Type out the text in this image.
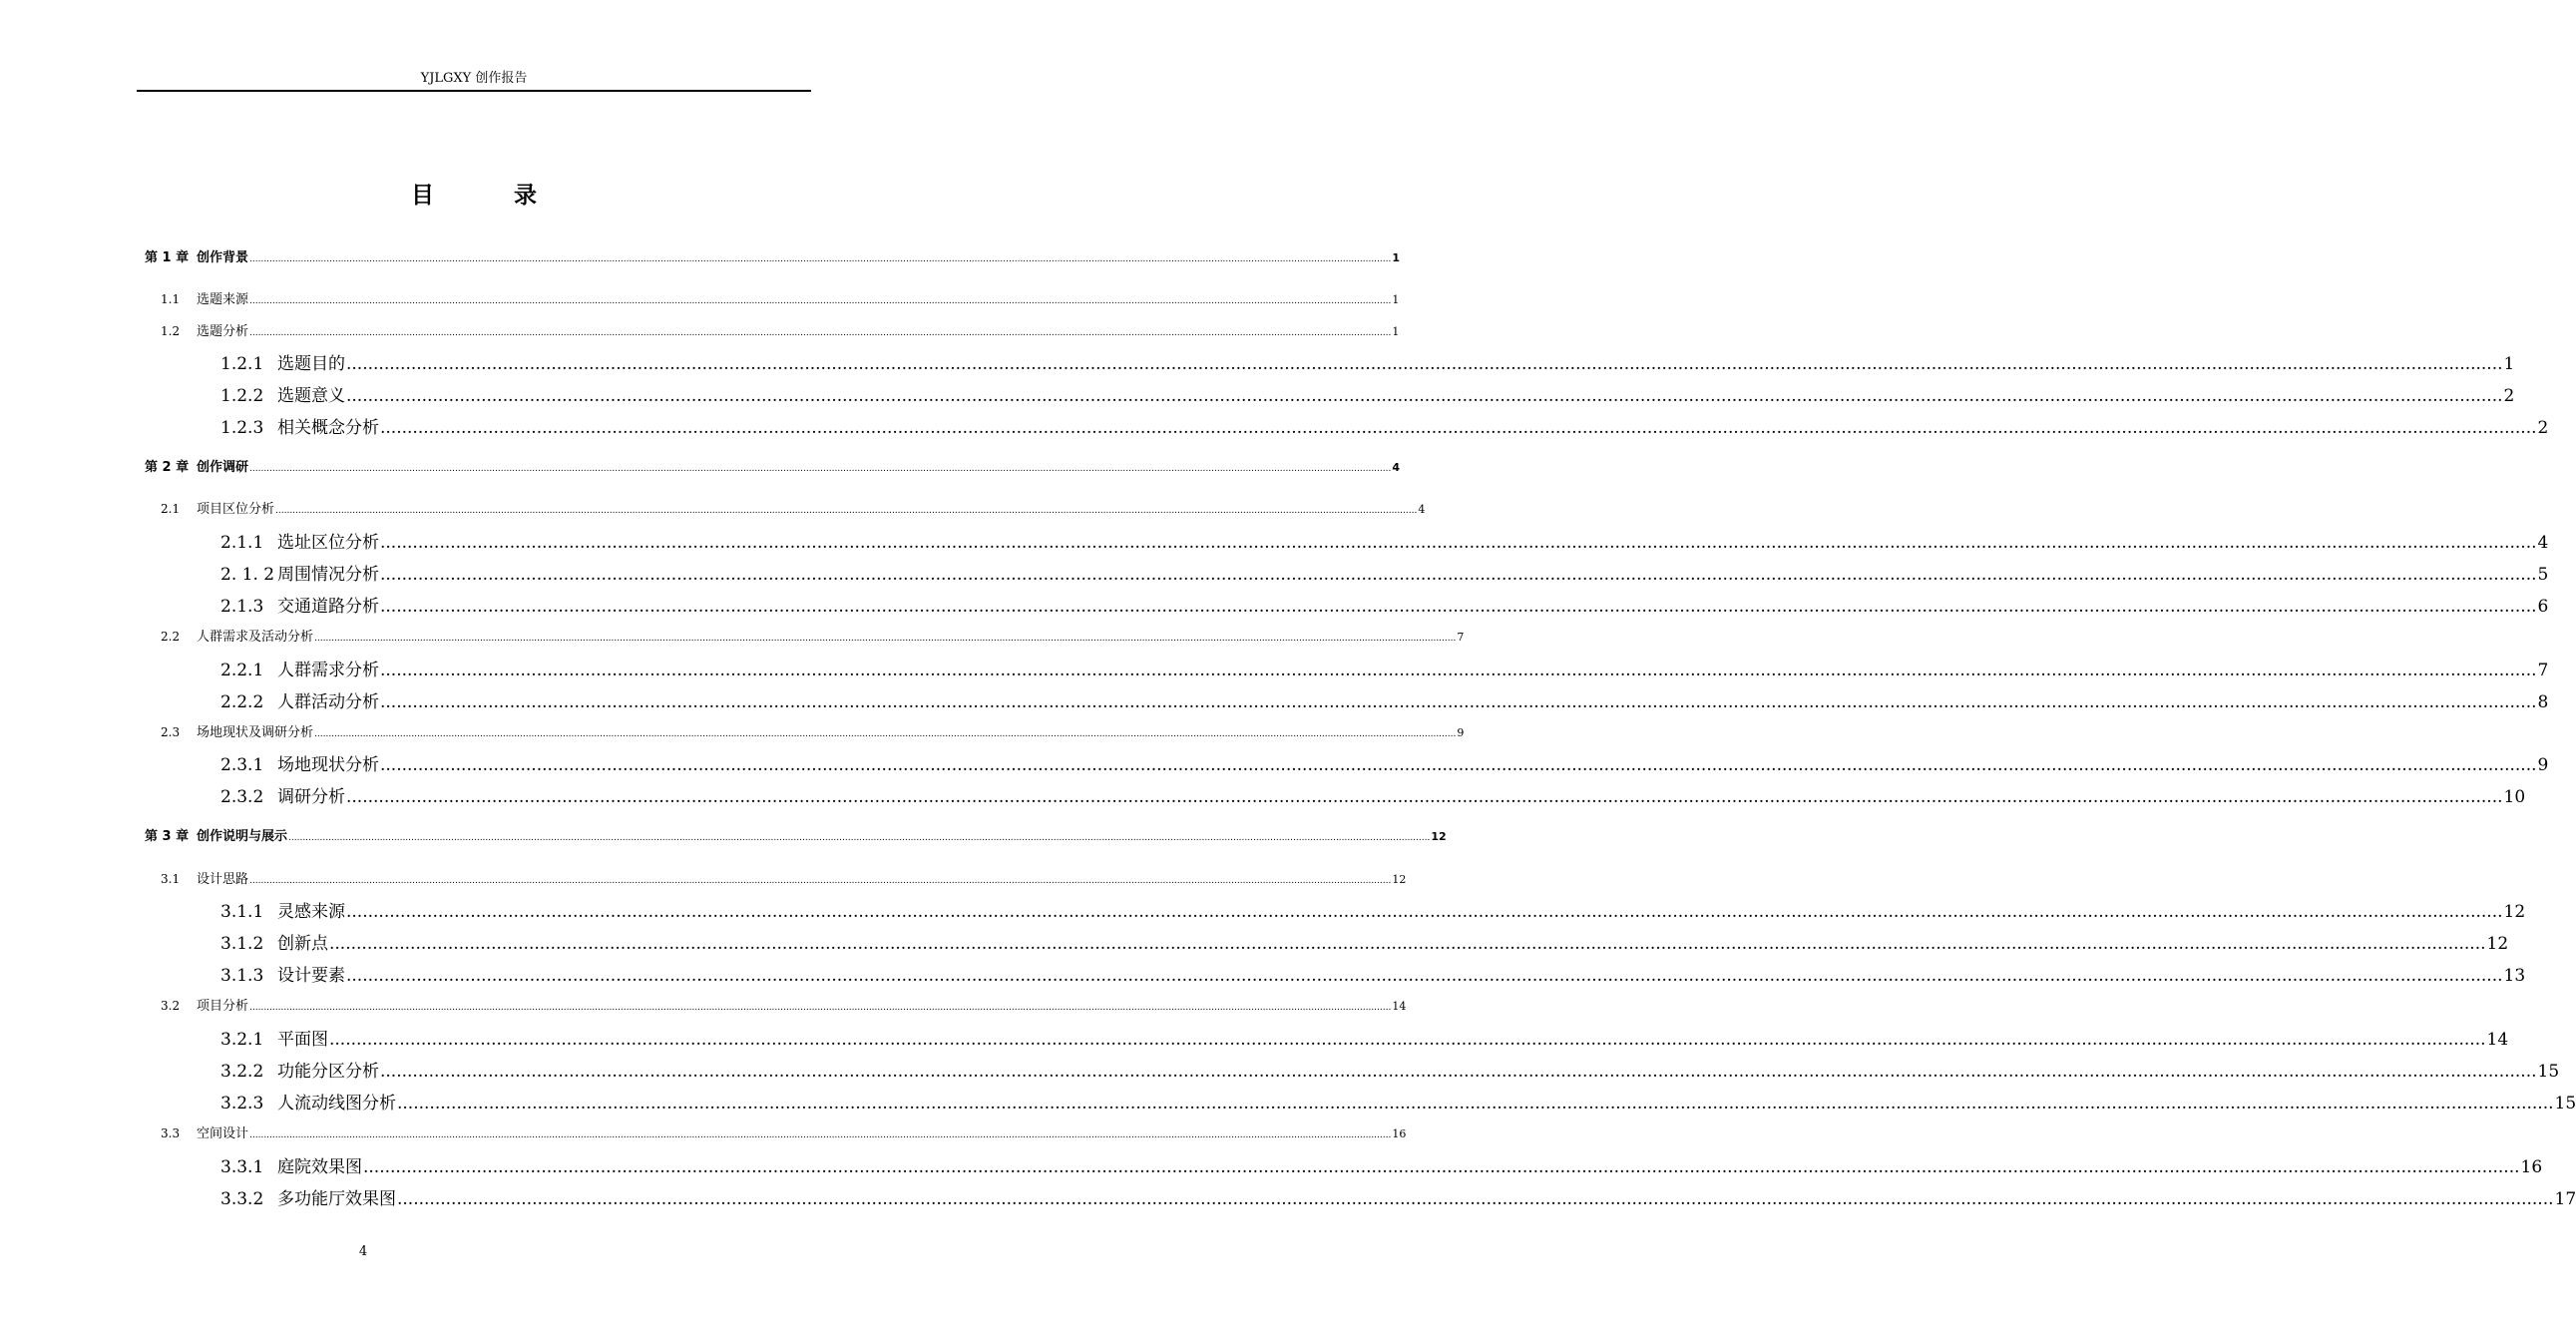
YJLGXY 创作报告
目 录
第 1 章 创作背景 ................................................................................................................................................................................................................................................................................................................................................................................................................ 1
1.1	选题来源 ................................................................................................................................................................................................................................................................................................................................................................................................................ 1
1.2	选题分析 ................................................................................................................................................................................................................................................................................................................................................................................................................ 1
1.2.1 选题目的 ................................................................................................................................................................................................................................................................................................................................................................................................................ 1
1.2.2 选题意义 ................................................................................................................................................................................................................................................................................................................................................................................................................ 2
1.2.3 相关概念分析 ................................................................................................................................................................................................................................................................................................................................................................................................................ 2
第 2 章 创作调研 ................................................................................................................................................................................................................................................................................................................................................................................................................ 4
2.1	项目区位分析 ................................................................................................................................................................................................................................................................................................................................................................................................................ 4
2.1.1 选址区位分析 ................................................................................................................................................................................................................................................................................................................................................................................................................ 4
2. 1. 2 周围情况分析 ................................................................................................................................................................................................................................................................................................................................................................................................................ 5
2.1.3 交通道路分析 ................................................................................................................................................................................................................................................................................................................................................................................................................ 6
2.2	人群需求及活动分析 ................................................................................................................................................................................................................................................................................................................................................................................................................ 7
2.2.1 人群需求分析 ................................................................................................................................................................................................................................................................................................................................................................................................................ 7
2.2.2 人群活动分析 ................................................................................................................................................................................................................................................................................................................................................................................................................ 8
2.3	场地现状及调研分析 ................................................................................................................................................................................................................................................................................................................................................................................................................ 9
2.3.1 场地现状分析 ................................................................................................................................................................................................................................................................................................................................................................................................................ 9
2.3.2 调研分析 ................................................................................................................................................................................................................................................................................................................................................................................................................ 10
第 3 章 创作说明与展示 ................................................................................................................................................................................................................................................................................................................................................................................................................ 12
3.1	设计思路 ................................................................................................................................................................................................................................................................................................................................................................................................................ 12
3.1.1 灵感来源 ................................................................................................................................................................................................................................................................................................................................................................................................................ 12
3.1.2 创新点 ................................................................................................................................................................................................................................................................................................................................................................................................................ 12
3.1.3 设计要素 ................................................................................................................................................................................................................................................................................................................................................................................................................ 13
3.2	项目分析 ................................................................................................................................................................................................................................................................................................................................................................................................................ 14
3.2.1 平面图 ................................................................................................................................................................................................................................................................................................................................................................................................................ 14
3.2.2 功能分区分析 ................................................................................................................................................................................................................................................................................................................................................................................................................ 15
3.2.3 人流动线图分析 ................................................................................................................................................................................................................................................................................................................................................................................................................ 15
3.3	空间设计 ................................................................................................................................................................................................................................................................................................................................................................................................................ 16
3.3.1 庭院效果图 ................................................................................................................................................................................................................................................................................................................................................................................................................ 16
3.3.2 多功能厅效果图 ................................................................................................................................................................................................................................................................................................................................................................................................................ 17
4
